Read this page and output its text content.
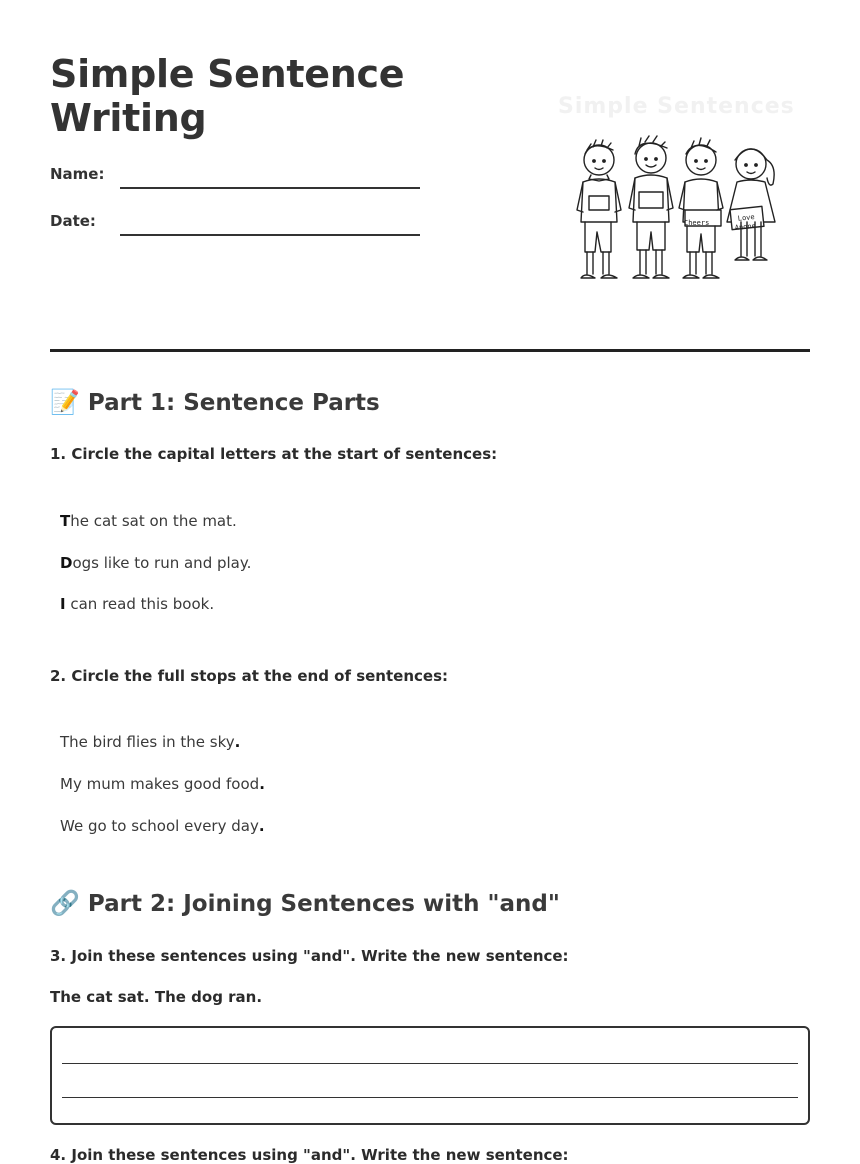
Simple Sentence Writing
Name:
Date:
Simple Sentences
Cheers
Love
Anone
📝 Part 1: Sentence Parts
1. Circle the capital letters at the start of sentences:
The cat sat on the mat.
Dogs like to run and play.
I can read this book.
2. Circle the full stops at the end of sentences:
The bird flies in the sky.
My mum makes good food.
We go to school every day.
🔗 Part 2: Joining Sentences with "and"
3. Join these sentences using "and". Write the new sentence:
The cat sat. The dog ran.
4. Join these sentences using "and". Write the new sentence:
